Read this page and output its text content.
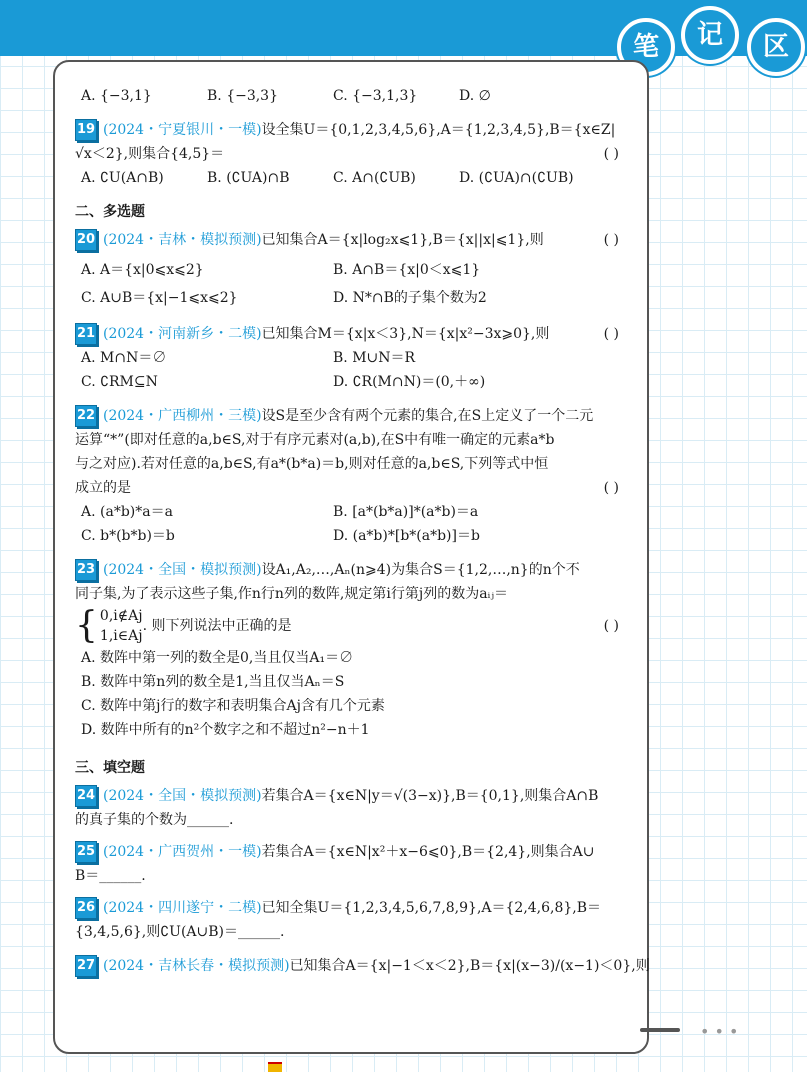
笔	记	区
A. {−3,1}	B. {−3,3}	C. {−3,1,3}	D. ∅
19 (2024・宁夏银川・一模)设全集U＝{0,1,2,3,4,5,6},A＝{1,2,3,4,5},B＝{x∈Z|
√x＜2},则集合{4,5}＝	( )
A. ∁U(A∩B)	B. (∁UA)∩B	C. A∩(∁UB)	D. (∁UA)∩(∁UB)
二、多选题
20 (2024・吉林・模拟预测)已知集合A＝{x|log₂x⩽1},B＝{x||x|⩽1},则	( )
A. A＝{x|0⩽x⩽2}	B. A∩B＝{x|0＜x⩽1}
C. A∪B＝{x|−1⩽x⩽2}	D. N*∩B的子集个数为2
21 (2024・河南新乡・二模)已知集合M＝{x|x＜3},N＝{x|x²−3x⩾0},则	( )
A. M∩N＝∅	B. M∪N＝R
C. ∁RM⊆N	D. ∁R(M∩N)＝(0,＋∞)
22 (2024・广西柳州・三模)设S是至少含有两个元素的集合,在S上定义了一个二元
运算“*”(即对任意的a,b∈S,对于有序元素对(a,b),在S中有唯一确定的元素a*b
与之对应).若对任意的a,b∈S,有a*(b*a)＝b,则对任意的a,b∈S,下列等式中恒
成立的是	( )
A. (a*b)*a＝a	B. [a*(b*a)]*(a*b)＝a
C. b*(b*b)＝b	D. (a*b)*[b*(a*b)]＝b
23 (2024・全国・模拟预测)设A₁,A₂,…,Aₙ(n⩾4)为集合S＝{1,2,…,n}的n个不
同子集,为了表示这些子集,作n行n列的数阵,规定第i行第j列的数为aᵢⱼ＝
{ 0,i∉Aj
1,i∈Aj
. 则下列说法中正确的是	( )
A. 数阵中第一列的数全是0,当且仅当A₁＝∅
B. 数阵中第n列的数全是1,当且仅当Aₙ＝S
C. 数阵中第j行的数字和表明集合Aj含有几个元素
D. 数阵中所有的n²个数字之和不超过n²−n＋1
三、填空题
24 (2024・全国・模拟预测)若集合A＝{x∈N|y＝√(3−x)},B＝{0,1},则集合A∩B
的真子集的个数为______.
25 (2024・广西贺州・一模)若集合A＝{x∈N|x²＋x−6⩽0},B＝{2,4},则集合A∪
B＝______.
26 (2024・四川遂宁・二模)已知全集U＝{1,2,3,4,5,6,7,8,9},A＝{2,4,6,8},B＝
{3,4,5,6},则∁U(A∪B)＝______.
27 (2024・吉林长春・模拟预测)已知集合A＝{x|−1＜x＜2},B＝{x|(x−3)/(x−1)＜0},则
• • •
